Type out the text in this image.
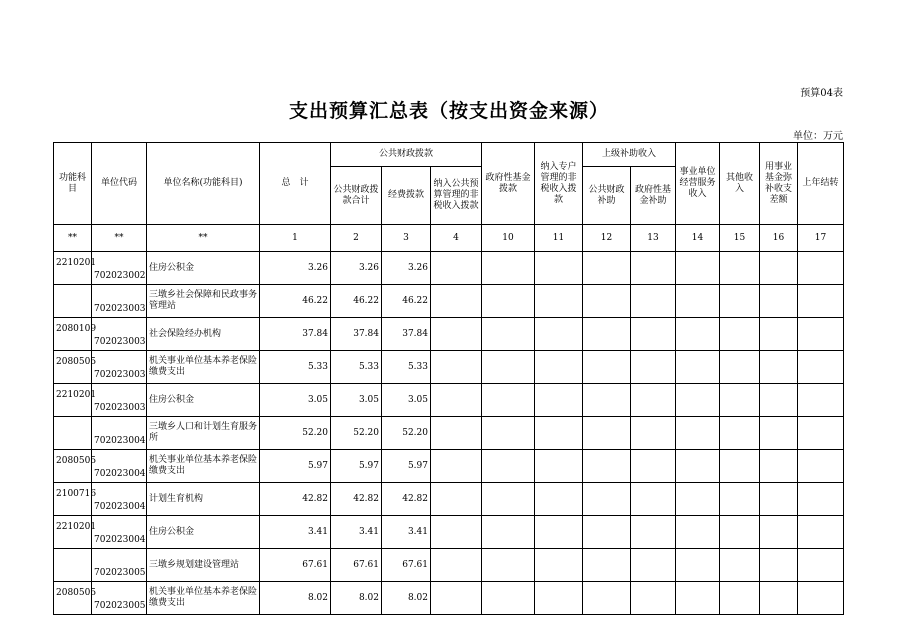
预算04表
支出预算汇总表（按支出资金来源）
单位：万元
功能科目	单位代码	单位名称(功能科目)	总　计	公共财政拨款			政府性基金拨款	纳入专户管理的非税收入拨款	上级补助收入		事业单位经营服务收入	其他收入	用事业基金弥补收支差额	上年结转
				公共财政拨款合计	经费拨款	纳入公共预算管理的非税收入拨款			公共财政补助	政府性基金补助				
**	**	**	1	2	3	4	10	11	12	13	14	15	16	17
2210201	702023002	住房公积金	3.26	3.26	3.26									
	702023003	三墩乡社会保障和民政事务管理站	46.22	46.22	46.22									
2080109	702023003	社会保险经办机构	37.84	37.84	37.84									
2080505	702023003	机关事业单位基本养老保险缴费支出	5.33	5.33	5.33									
2210201	702023003	住房公积金	3.05	3.05	3.05									
	702023004	三墩乡人口和计划生育服务所	52.20	52.20	52.20									
2080505	702023004	机关事业单位基本养老保险缴费支出	5.97	5.97	5.97									
2100716	702023004	计划生育机构	42.82	42.82	42.82									
2210201	702023004	住房公积金	3.41	3.41	3.41									
	702023005	三墩乡规划建设管理站	67.61	67.61	67.61									
2080505	702023005	机关事业单位基本养老保险缴费支出	8.02	8.02	8.02									
